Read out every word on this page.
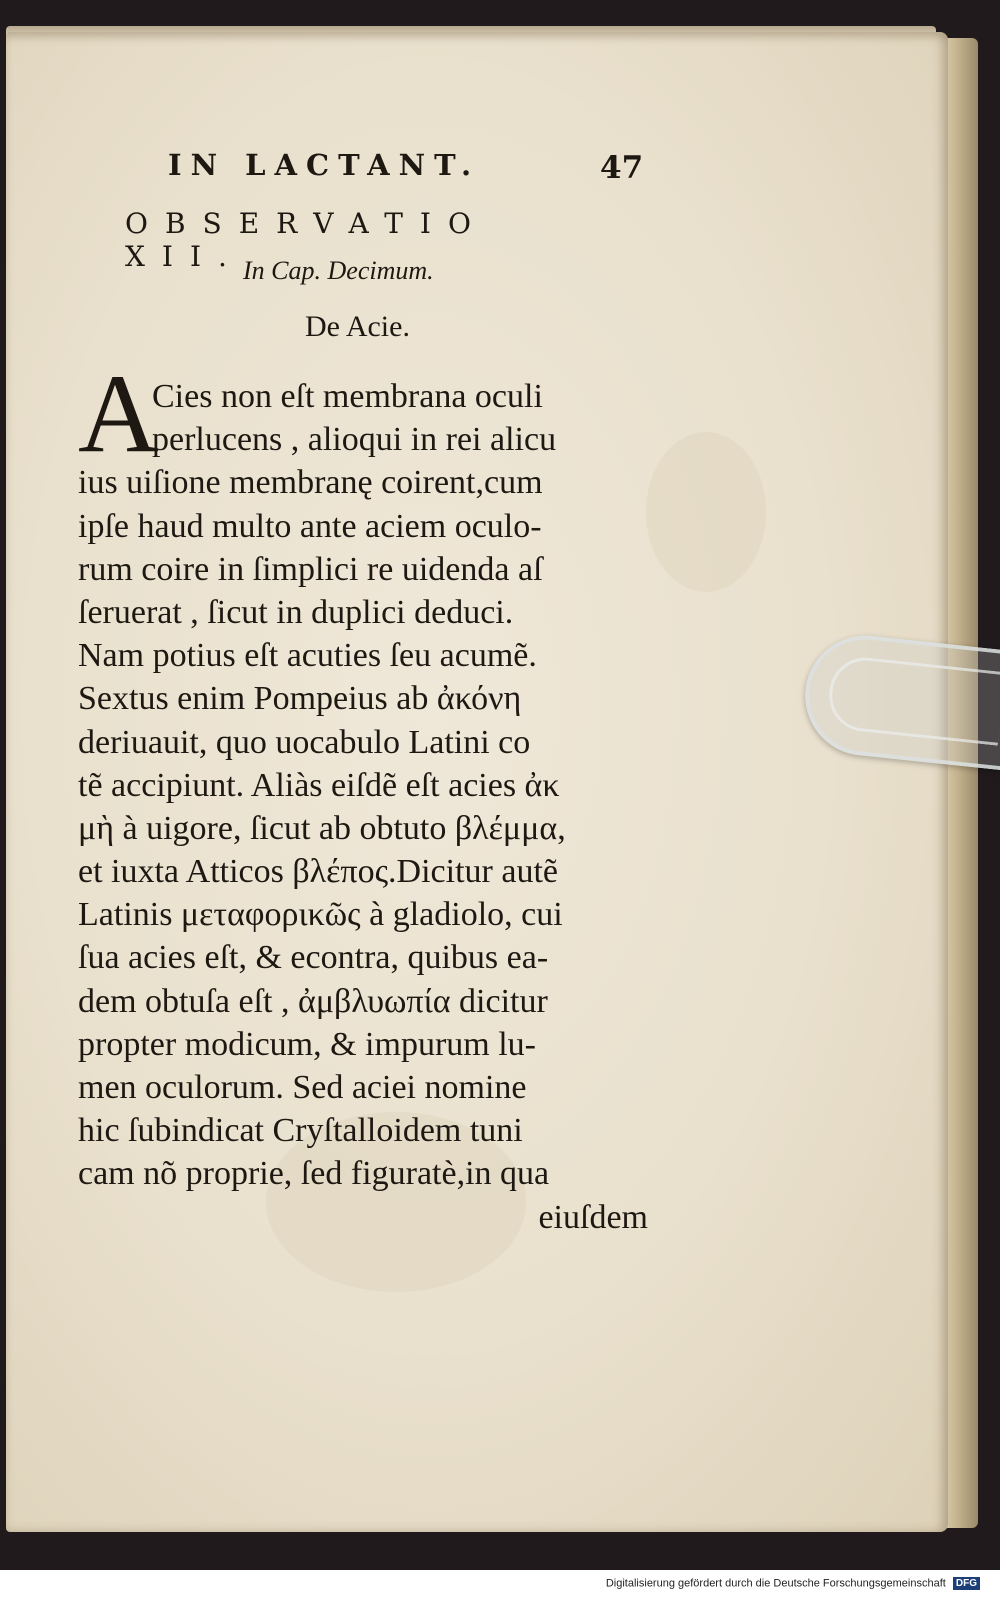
IN LACTANT.	47
OBSERVATIO XII. In Cap. Decimum.
De Acie.
A
Cies non eſt membrana oculi
perlucens , alioqui in rei alicu
ius uiſione membranę coirent,cum
ipſe haud multo ante aciem oculo-
rum coire in ſimplici re uidenda aſ
ſeruerat , ſicut in duplici deduci.
Nam potius eſt acuties ſeu acumẽ.
Sextus enim Pompeius ab ἀκόνη
deriuauit, quo uocabulo Latini co
tẽ accipiunt. Aliàs eiſdẽ eſt acies ἀκ
μὴ à uigore, ſicut ab obtuto βλέμμα,
et iuxta Atticos βλέπος.Dicitur autẽ
Latinis μεταφορικῶς à gladiolo, cui
ſua acies eſt, & econtra, quibus ea-
dem obtuſa eſt , ἀμβλυωπία dicitur
propter modicum, & impurum lu-
men oculorum. Sed aciei nomine
hic ſubindicat Cryſtalloidem tuni
cam nõ proprie, ſed figuratè,in qua
eiuſdem
Digitalisierung gefördert durch die Deutsche Forschungsgemeinschaft DFG
